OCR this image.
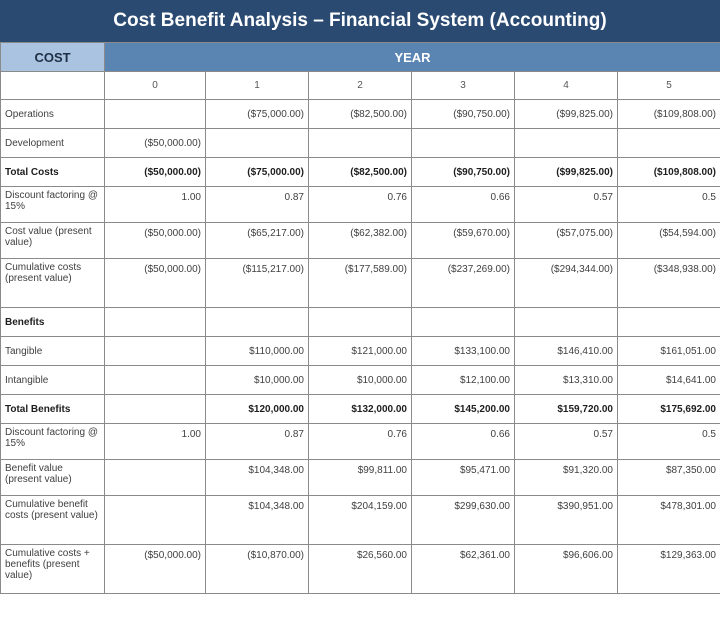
Cost Benefit Analysis – Financial System (Accounting)
COST	YEAR					
	0	1	2	3	4	5
Operations		($75,000.00)	($82,500.00)	($90,750.00)	($99,825.00)	($109,808.00)
Development	($50,000.00)					
Total Costs	($50,000.00)	($75,000.00)	($82,500.00)	($90,750.00)	($99,825.00)	($109,808.00)
Discount factoring @ 15%	1.00	0.87	0.76	0.66	0.57	0.5
Cost value (present value)	($50,000.00)	($65,217.00)	($62,382.00)	($59,670.00)	($57,075.00)	($54,594.00)
Cumulative costs (present value)	($50,000.00)	($115,217.00)	($177,589.00)	($237,269.00)	($294,344.00)	($348,938.00)
Benefits						
Tangible		$110,000.00	$121,000.00	$133,100.00	$146,410.00	$161,051.00
Intangible		$10,000.00	$10,000.00	$12,100.00	$13,310.00	$14,641.00
Total Benefits		$120,000.00	$132,000.00	$145,200.00	$159,720.00	$175,692.00
Discount factoring @ 15%	1.00	0.87	0.76	0.66	0.57	0.5
Benefit value (present value)		$104,348.00	$99,811.00	$95,471.00	$91,320.00	$87,350.00
Cumulative benefit costs (present value)		$104,348.00	$204,159.00	$299,630.00	$390,951.00	$478,301.00
Cumulative costs + benefits (present value)	($50,000.00)	($10,870.00)	$26,560.00	$62,361.00	$96,606.00	$129,363.00
